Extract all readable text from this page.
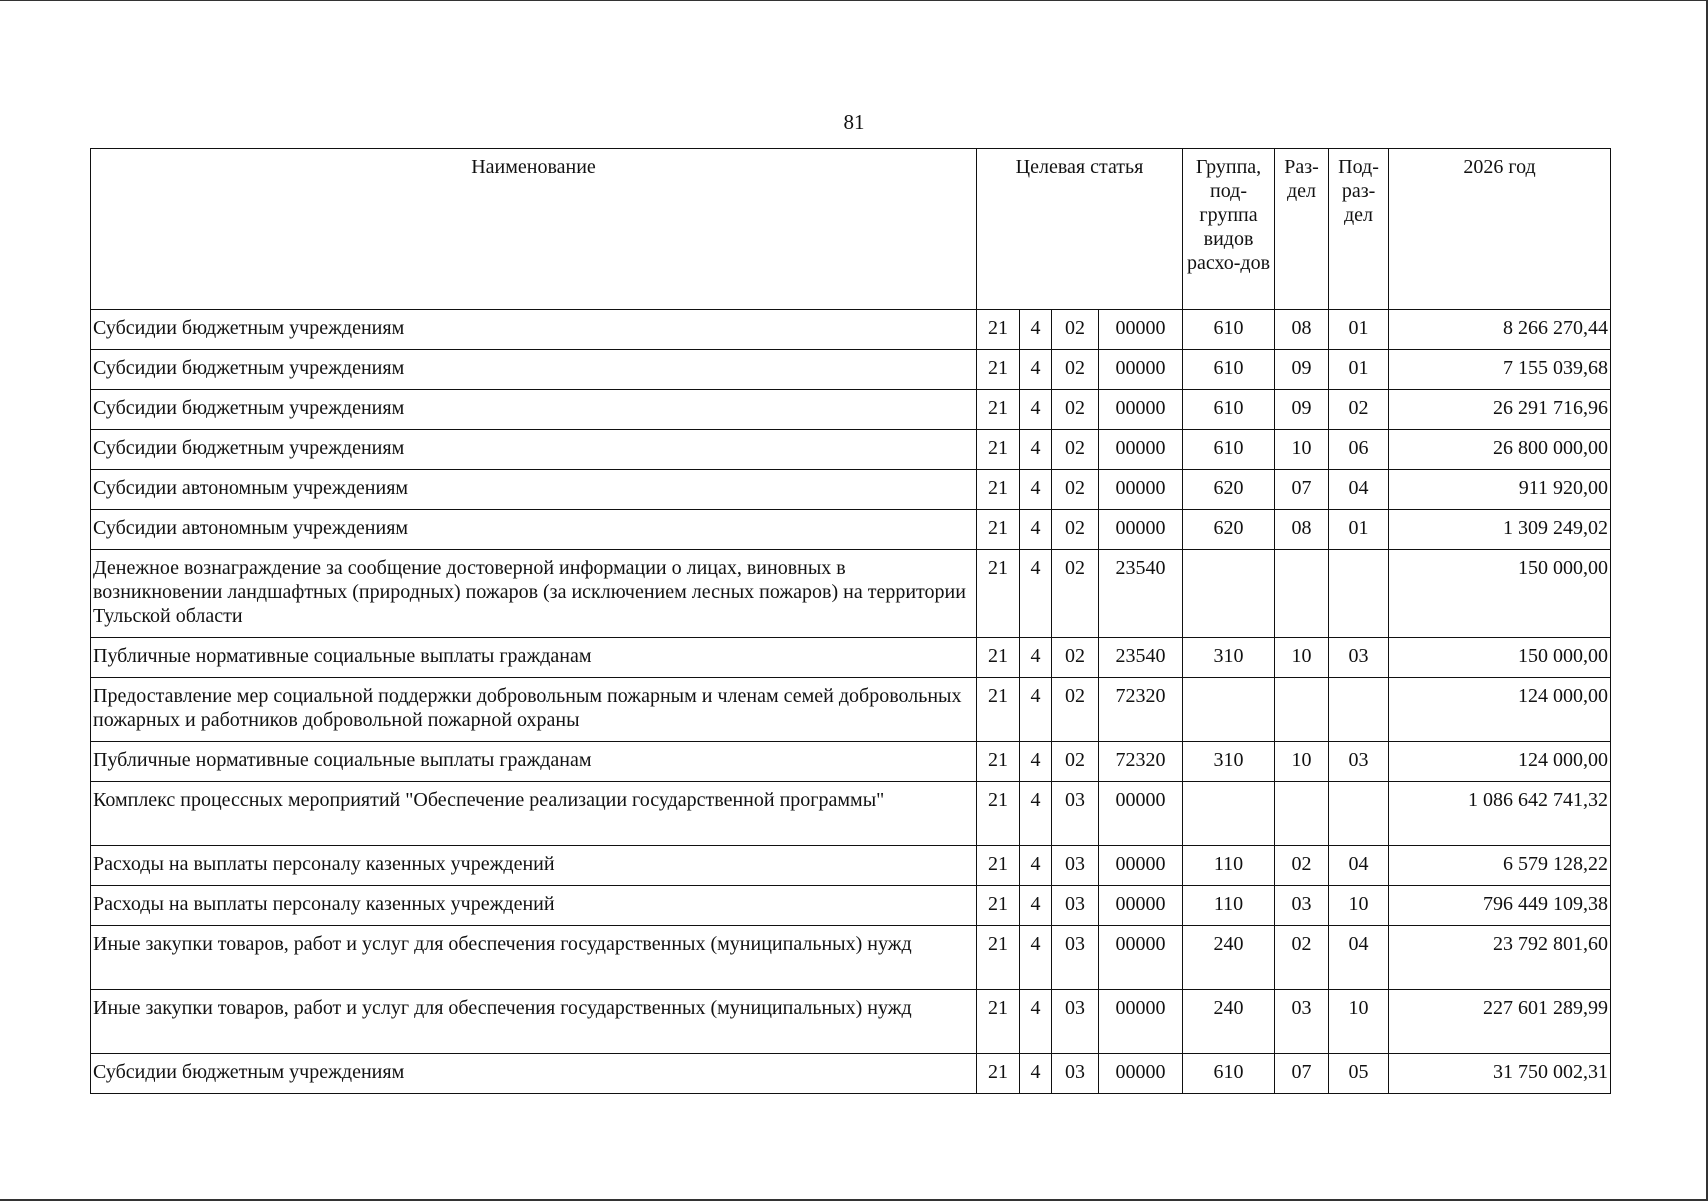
81
Наименование	Целевая статья				Группа, под-группа видов расхо-дов	Раз-дел	Под-раз-дел	2026 год
Субсидии бюджетным учреждениям	21	4	02	00000	610	08	01	8 266 270,44
Субсидии бюджетным учреждениям	21	4	02	00000	610	09	01	7 155 039,68
Субсидии бюджетным учреждениям	21	4	02	00000	610	09	02	26 291 716,96
Субсидии бюджетным учреждениям	21	4	02	00000	610	10	06	26 800 000,00
Субсидии автономным учреждениям	21	4	02	00000	620	07	04	911 920,00
Субсидии автономным учреждениям	21	4	02	00000	620	08	01	1 309 249,02
Денежное вознаграждение за сообщение достоверной информации о лицах, виновных в возникновении ландшафтных (природных) пожаров (за исключением лесных пожаров) на территории Тульской области	21	4	02	23540				150 000,00
Публичные нормативные социальные выплаты гражданам	21	4	02	23540	310	10	03	150 000,00
Предоставление мер социальной поддержки добровольным пожарным и членам семей добровольных пожарных и работников добровольной пожарной охраны	21	4	02	72320				124 000,00
Публичные нормативные социальные выплаты гражданам	21	4	02	72320	310	10	03	124 000,00
Комплекс процессных мероприятий "Обеспечение реализации государственной программы"	21	4	03	00000				1 086 642 741,32
Расходы на выплаты персоналу казенных учреждений	21	4	03	00000	110	02	04	6 579 128,22
Расходы на выплаты персоналу казенных учреждений	21	4	03	00000	110	03	10	796 449 109,38
Иные закупки товаров, работ и услуг для обеспечения государственных (муниципальных) нужд	21	4	03	00000	240	02	04	23 792 801,60
Иные закупки товаров, работ и услуг для обеспечения государственных (муниципальных) нужд	21	4	03	00000	240	03	10	227 601 289,99
Субсидии бюджетным учреждениям	21	4	03	00000	610	07	05	31 750 002,31
